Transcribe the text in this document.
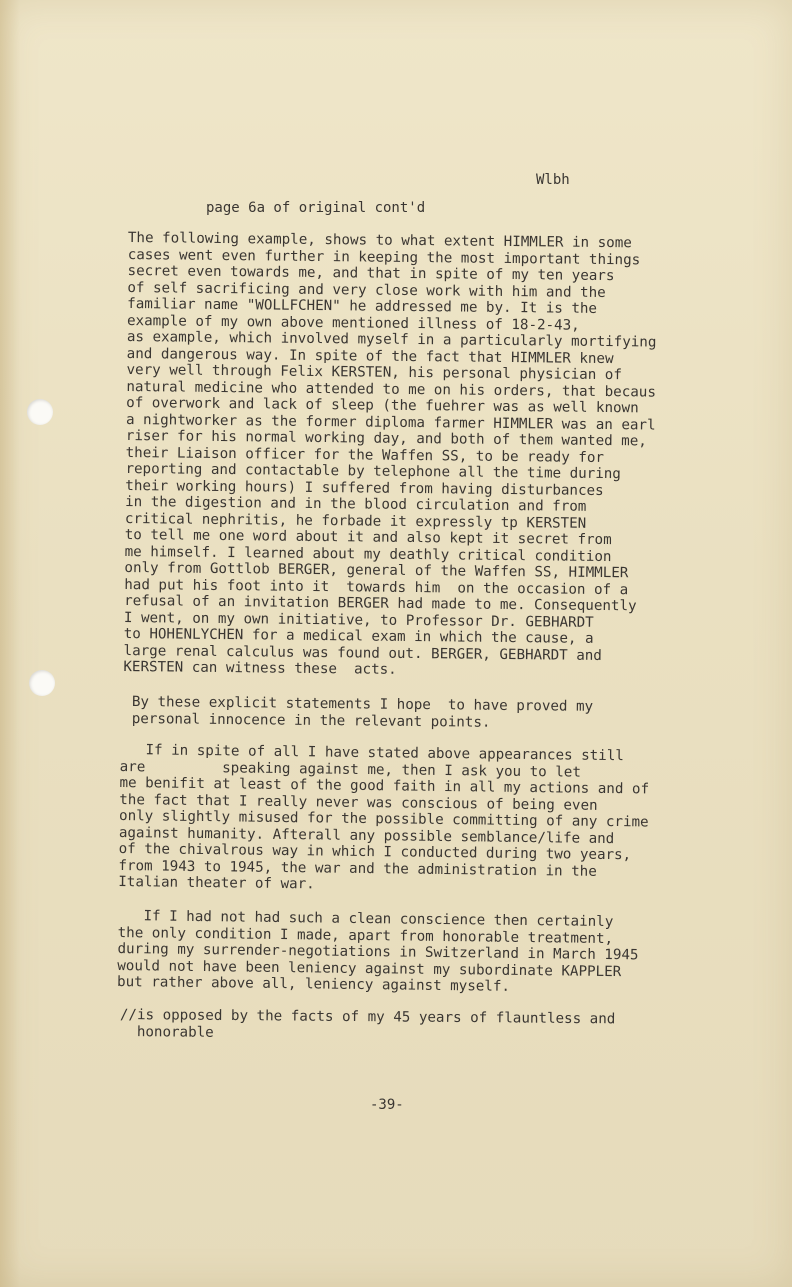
Wlbh
page 6a of original cont'd
The following example, shows to what extent HIMMLER in some
cases went even further in keeping the most important things
secret even towards me, and that in spite of my ten years
of self sacrificing and very close work with him and the
familiar name "WOLLFCHEN" he addressed me by. It is the
example of my own above mentioned illness of 18-2-43,
as example, which involved myself in a particularly mortifying
and dangerous way. In spite of the fact that HIMMLER knew
very well through Felix KERSTEN, his personal physician of
natural medicine who attended to me on his orders, that becaus
of overwork and lack of sleep (the fuehrer was as well known
a nightworker as the former diploma farmer HIMMLER was an earl
riser for his normal working day, and both of them wanted me,
their Liaison officer for the Waffen SS, to be ready for
reporting and contactable by telephone all the time during
their working hours) I suffered from having disturbances
in the digestion and in the blood circulation and from
critical nephritis, he forbade it expressly tp KERSTEN
to tell me one word about it and also kept it secret from
me himself. I learned about my deathly critical condition
only from Gottlob BERGER, general of the Waffen SS, HIMMLER
had put his foot into it  towards him  on the occasion of a
refusal of an invitation BERGER had made to me. Consequently
I went, on my own initiative, to Professor Dr. GEBHARDT
to HOHENLYCHEN for a medical exam in which the cause, a
large renal calculus was found out. BERGER, GEBHARDT and
KERSTEN can witness these  acts.
By these explicit statements I hope  to have proved my
personal innocence in the relevant points.
If in spite of all I have stated above appearances still
are         speaking against me, then I ask you to let
me benifit at least of the good faith in all my actions and of
the fact that I really never was conscious of being even
only slightly misused for the possible committing of any crime
against humanity. Afterall any possible semblance/life and
of the chivalrous way in which I conducted during two years,
from 1943 to 1945, the war and the administration in the
Italian theater of war.
If I had not had such a clean conscience then certainly
the only condition I made, apart from honorable treatment,
during my surrender-negotiations in Switzerland in March 1945
would not have been leniency against my subordinate KAPPLER
but rather above all, leniency against myself.
//is opposed by the facts of my 45 years of flauntless and
honorable
-39-
